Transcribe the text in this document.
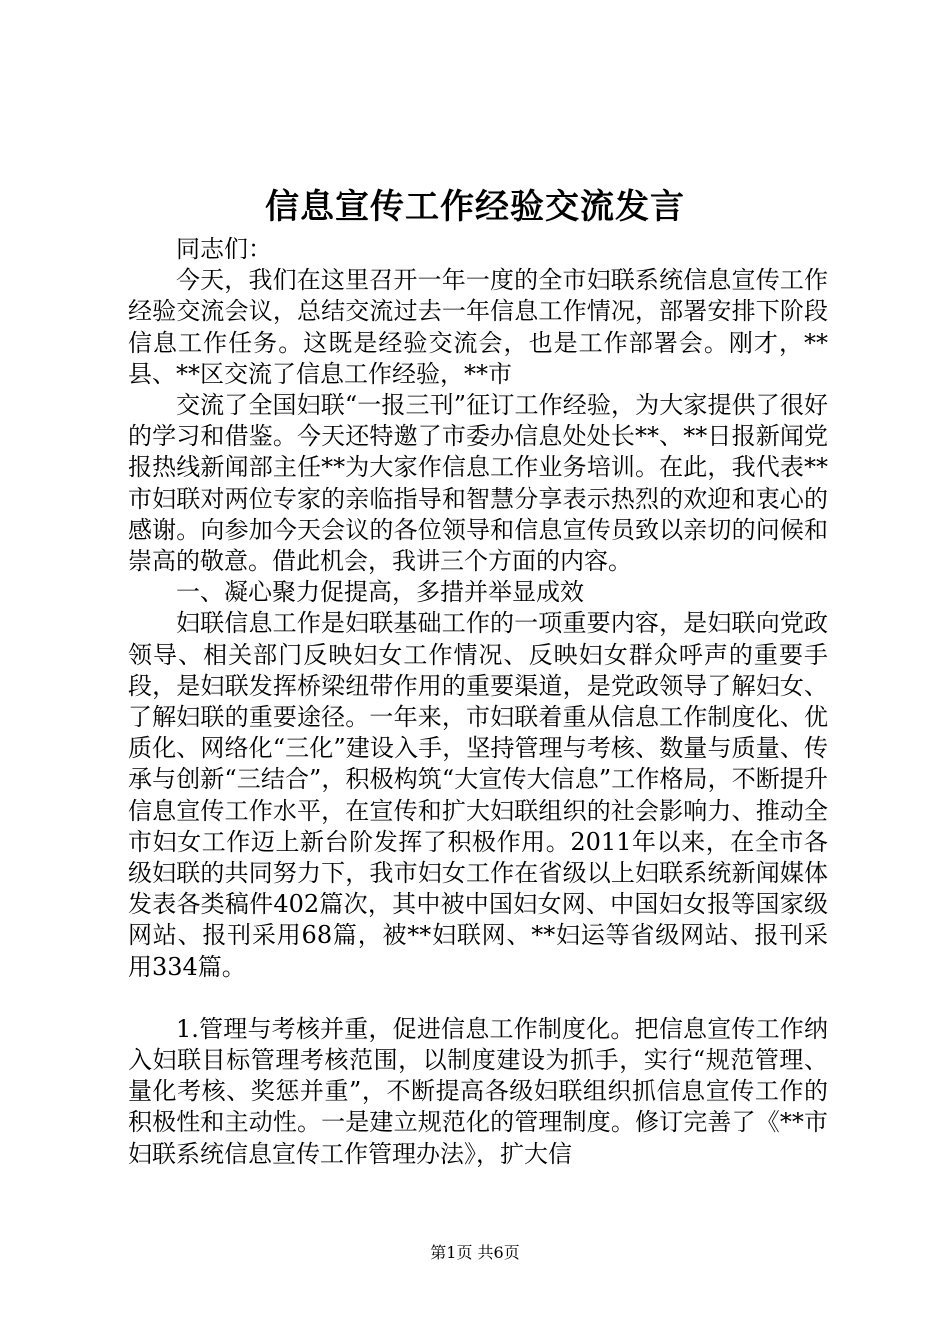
信息宣传工作经验交流发言

同志们：

今天，我们在这里召开一年一度的全市妇联系统信息宣传工作经验交流会议，总结交流过去一年信息工作情况，部署安排下阶段信息工作任务。这既是经验交流会，也是工作部署会。刚才，**县、**区交流了信息工作经验，**市

交流了全国妇联“一报三刊”征订工作经验，为大家提供了很好的学习和借鉴。今天还特邀了市委办信息处处长**、**日报新闻党报热线新闻部主任**为大家作信息工作业务培训。在此，我代表**市妇联对两位专家的亲临指导和智慧分享表示热烈的欢迎和衷心的感谢。向参加今天会议的各位领导和信息宣传员致以亲切的问候和崇高的敬意。借此机会，我讲三个方面的内容。

一、凝心聚力促提高，多措并举显成效

妇联信息工作是妇联基础工作的一项重要内容，是妇联向党政领导、相关部门反映妇女工作情况、反映妇女群众呼声的重要手段，是妇联发挥桥梁纽带作用的重要渠道，是党政领导了解妇女、了解妇联的重要途径。一年来，市妇联着重从信息工作制度化、优质化、网络化“三化”建设入手，坚持管理与考核、数量与质量、传承与创新“三结合”，积极构筑“大宣传大信息”工作格局，不断提升信息宣传工作水平，在宣传和扩大妇联组织的社会影响力、推动全市妇女工作迈上新台阶发挥了积极作用。2011年以来，在全市各级妇联的共同努力下，我市妇女工作在省级以上妇联系统新闻媒体发表各类稿件402篇次，其中被中国妇女网、中国妇女报等国家级网站、报刊采用68篇，被**妇联网、**妇运等省级网站、报刊采用334篇。

1.管理与考核并重，促进信息工作制度化。把信息宣传工作纳入妇联目标管理考核范围，以制度建设为抓手，实行“规范管理、量化考核、奖惩并重”，不断提高各级妇联组织抓信息宣传工作的积极性和主动性。一是建立规范化的管理制度。修订完善了《**市妇联系统信息宣传工作管理办法》，扩大信

第1页 共6页
